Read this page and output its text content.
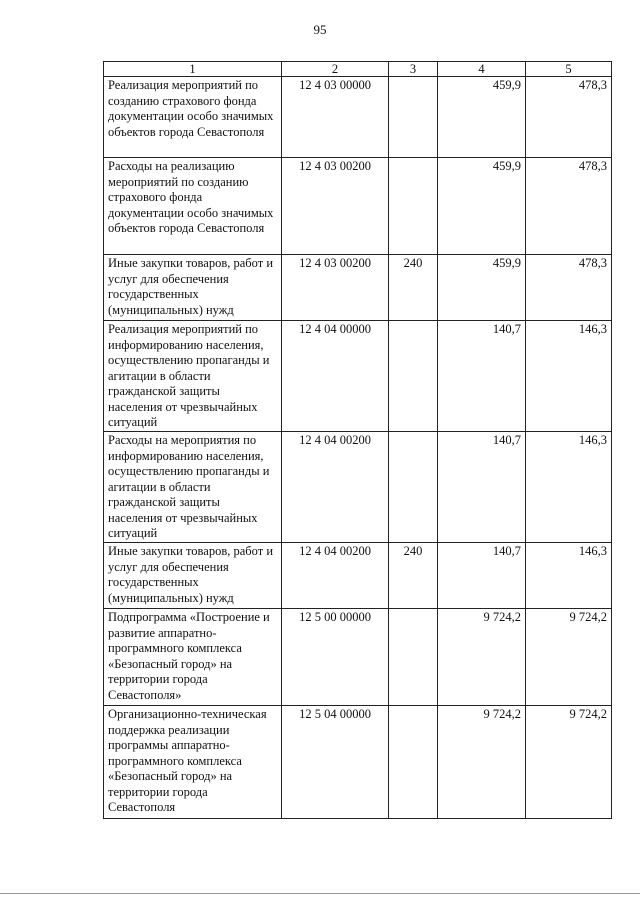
95
1	2	3	4	5
Реализация мероприятий по созданию страхового фонда документации особо значимых объектов города Севастополя	12 4 03 00000		459,9	478,3
Расходы на реализацию мероприятий по созданию страхового фонда документации особо значимых объектов города Севастополя	12 4 03 00200		459,9	478,3
Иные закупки товаров, работ и услуг для обеспечения государственных (муниципальных) нужд	12 4 03 00200	240	459,9	478,3
Реализация мероприятий по информированию населения, осуществлению пропаганды и агитации в области гражданской защиты населения от чрезвычайных ситуаций	12 4 04 00000		140,7	146,3
Расходы на мероприятия по информированию населения, осуществлению пропаганды и агитации в области гражданской защиты населения от чрезвычайных ситуаций	12 4 04 00200		140,7	146,3
Иные закупки товаров, работ и услуг для обеспечения государственных (муниципальных) нужд	12 4 04 00200	240	140,7	146,3
Подпрограмма «Построение и развитие аппаратно-программного комплекса «Безопасный город» на территории города Севастополя»	12 5 00 00000		9 724,2	9 724,2
Организационно-техническая поддержка реализации программы аппаратно-программного комплекса «Безопасный город» на территории города Севастополя	12 5 04 00000		9 724,2	9 724,2
